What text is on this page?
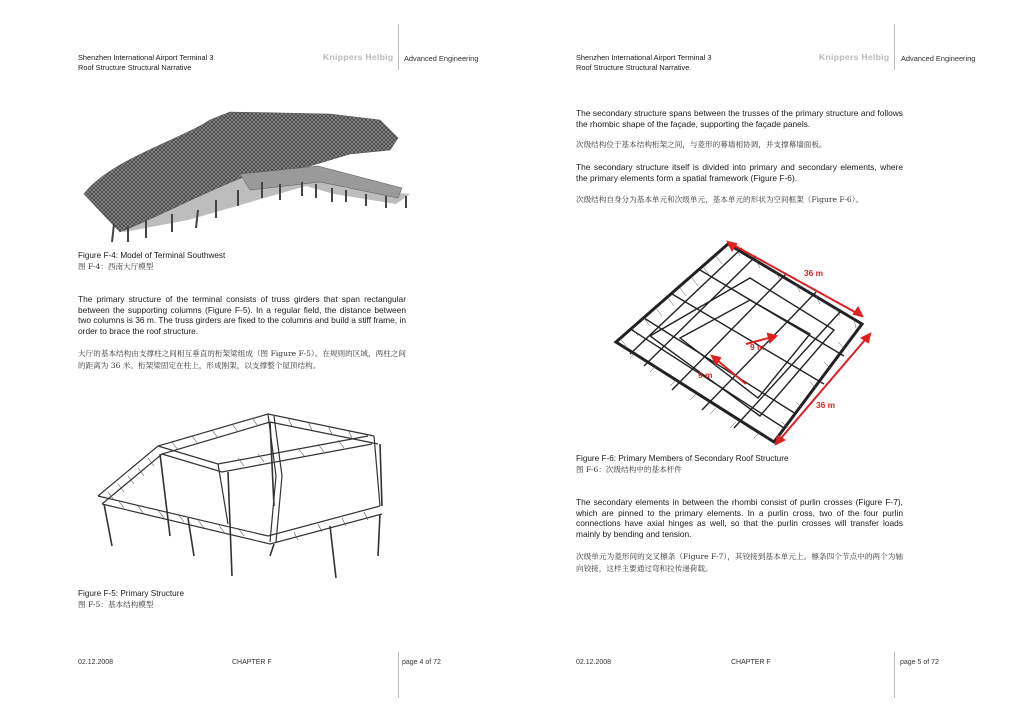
Shenzhen International Airport Terminal 3
Roof Structure Structural Narrative
Knippers Helbig Advanced Engineering
Figure F-4: Model of Terminal Southwest
图 F-4：西南大厅模型
The primary structure of the terminal consists of truss girders that span rectangular between the supporting columns (Figure F-5). In a regular field, the distance between two columns is 36 m. The truss girders are fixed to the columns and build a stiff frame, in order to brace the roof structure.
大厅的基本结构由支撑柱之间相互垂直的桁架梁组成（图 Figure F-5）。在规则的区域，两柱之间的距离为 36 米。桁架梁固定在柱上，形成刚架，以支撑整个屋顶结构。
Figure F-5: Primary Structure
图 F-5：基本结构模型
02.12.2008	CHAPTER F	page 4 of 72
Shenzhen International Airport Terminal 3
Roof Structure Structural Narrative
Knippers Helbig Advanced Engineering
The secondary structure spans between the trusses of the primary structure and follows the rhombic shape of the façade, supporting the façade panels.
次级结构位于基本结构桁架之间，与菱形的幕墙相协调，并支撑幕墙面板。
The secondary structure itself is divided into primary and secondary elements, where the primary elements form a spatial framework (Figure F-6).
次级结构自身分为基本单元和次级单元，基本单元的形状为空间框架（Figure F-6）。
36 m
36 m
9 m
9 m
Figure F-6: Primary Members of Secondary Roof Structure
图 F-6：次级结构中的基本杆件
The secondary elements in between the rhombi consist of purlin crosses (Figure F-7), which are pinned to the primary elements. In a purlin cross, two of the four purlin connections have axial hinges as well, so that the purlin crosses will transfer loads mainly by bending and tension.
次级单元为菱形间的交叉檩条（Figure F-7），其铰接到基本单元上。檩条四个节点中的两个为轴向铰接，这样主要通过弯和拉传递荷载。
02.12.2008	CHAPTER F	page 5 of 72
